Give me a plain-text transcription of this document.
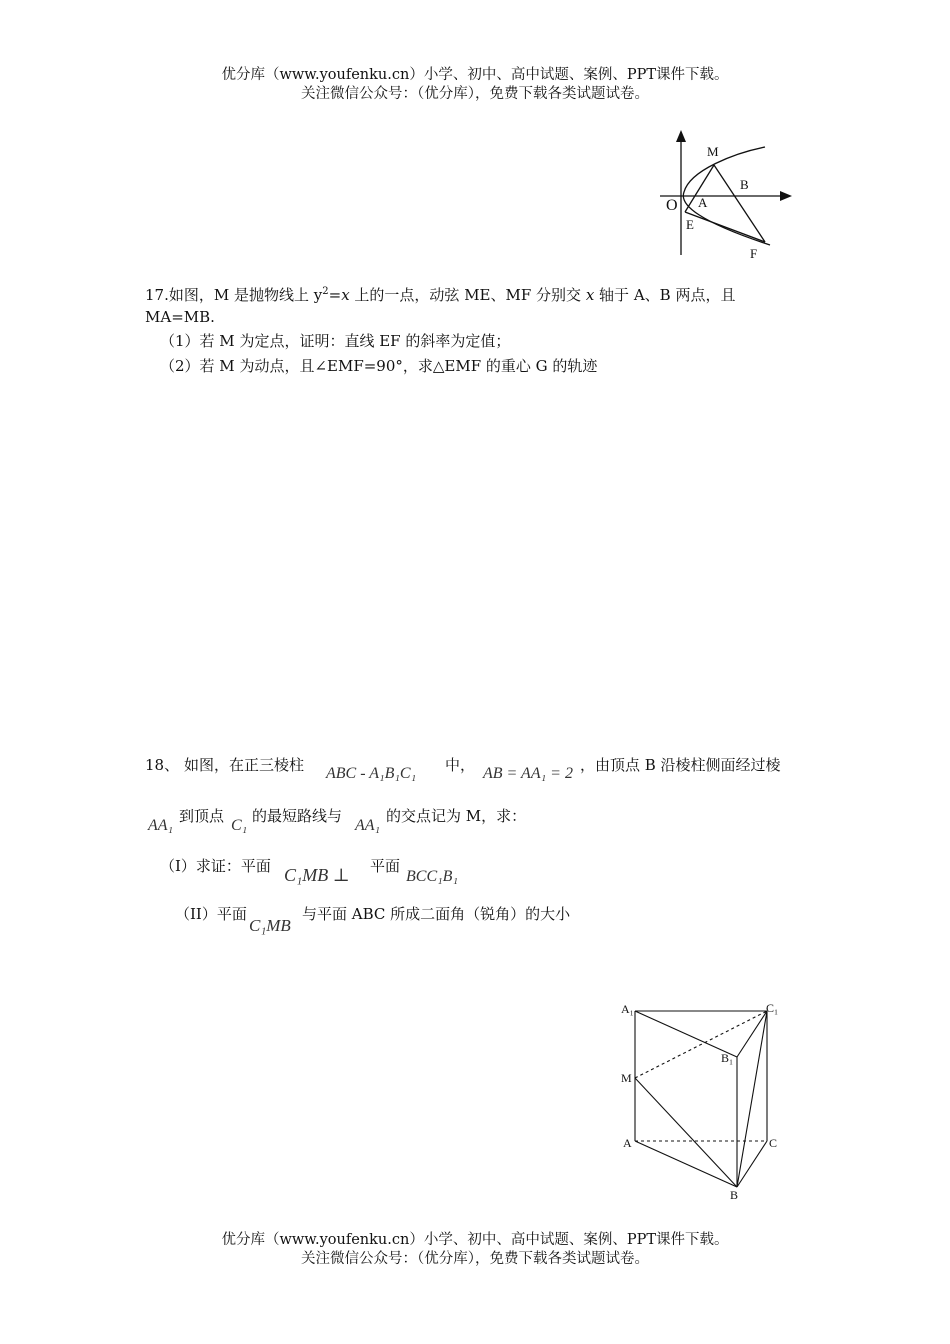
优分库（www.youfenku.cn）小学、初中、高中试题、案例、PPT课件下载。
关注微信公众号：（优分库），免费下载各类试题试卷。
M
B
O A
E
F
17.如图，M 是抛物线上 $y^2=x$ 上的一点，动弦 ME、MF 分别交 x 轴于 A、B 两点，且
MA=MB.
（1）若 M 为定点，证明：直线 EF 的斜率为定值；
（2）若 M 为动点，且∠EMF=90°，求△EMF 的重心 G 的轨迹
18、 如图，在正三棱柱 ABC - A₁B₁C₁ 中， AB = AA₁ = 2 ，由顶点 B 沿棱柱侧面经过棱
AA₁
到顶点
C₁
的最短路线与
AA₁
的交点记为 M，求：
（I）求证：平面 C₁MB ⊥ 平面
BCC₁B₁
（II）平面
C₁MB
与平面 ABC 所成二面角（锐角）的大小
A₁	C₁
B₁
M
A	C
B
优分库（www.youfenku.cn）小学、初中、高中试题、案例、PPT课件下载。
关注微信公众号：（优分库），免费下载各类试题试卷。
